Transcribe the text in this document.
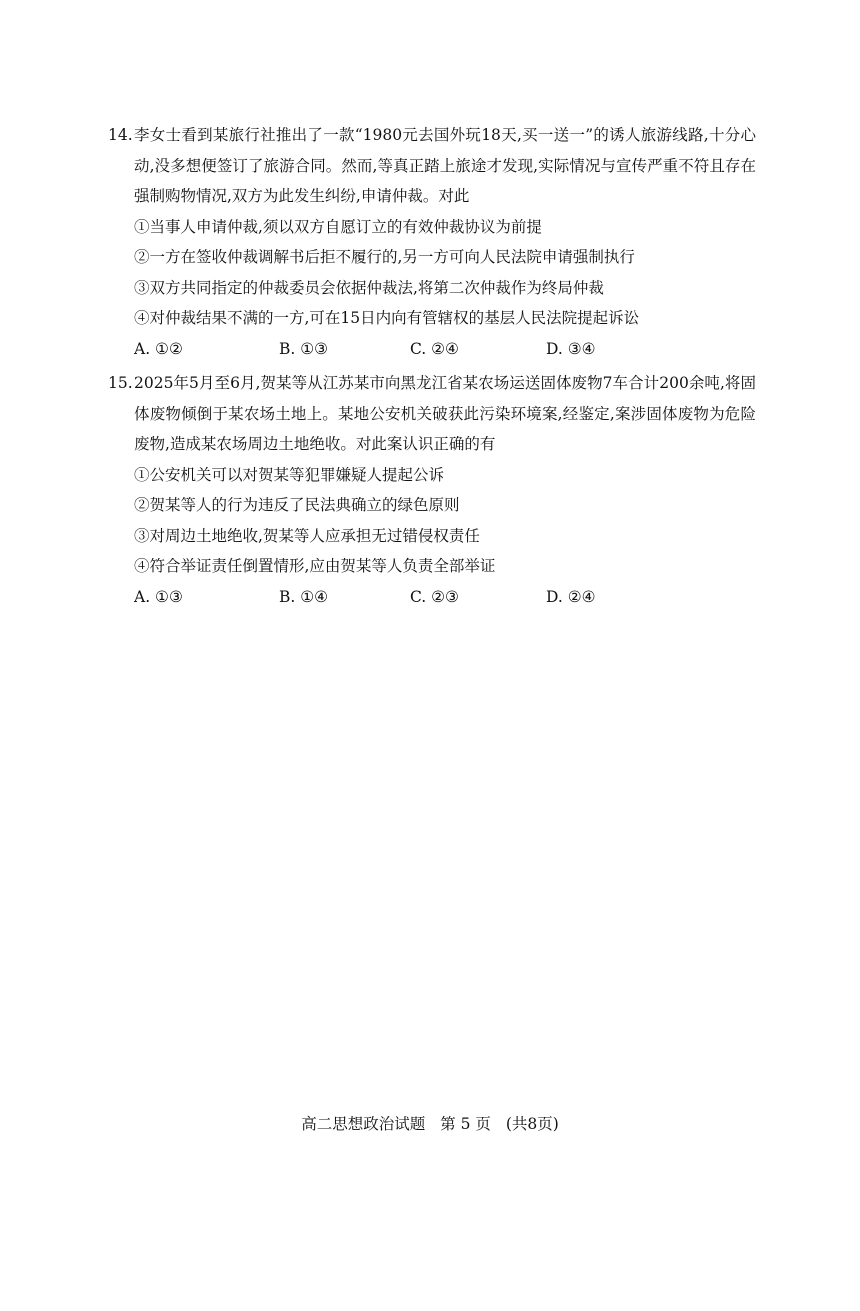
14. 李女士看到某旅行社推出了一款“1980元去国外玩18天,买一送一”的诱人旅游线路,十分心动,没多想便签订了旅游合同。然而,等真正踏上旅途才发现,实际情况与宣传严重不符且存在强制购物情况,双方为此发生纠纷,申请仲裁。对此
①当事人申请仲裁,须以双方自愿订立的有效仲裁协议为前提
②一方在签收仲裁调解书后拒不履行的,另一方可向人民法院申请强制执行
③双方共同指定的仲裁委员会依据仲裁法,将第二次仲裁作为终局仲裁
④对仲裁结果不满的一方,可在15日内向有管辖权的基层人民法院提起诉讼
A. ①②	B. ①③	C. ②④	D. ③④
15. 2025年5月至6月,贺某等从江苏某市向黑龙江省某农场运送固体废物7车合计200余吨,将固体废物倾倒于某农场土地上。某地公安机关破获此污染环境案,经鉴定,案涉固体废物为危险废物,造成某农场周边土地绝收。对此案认识正确的有
①公安机关可以对贺某等犯罪嫌疑人提起公诉
②贺某等人的行为违反了民法典确立的绿色原则
③对周边土地绝收,贺某等人应承担无过错侵权责任
④符合举证责任倒置情形,应由贺某等人负责全部举证
A. ①③	B. ①④	C. ②③	D. ②④
高二思想政治试题 第 5 页 (共8页)
